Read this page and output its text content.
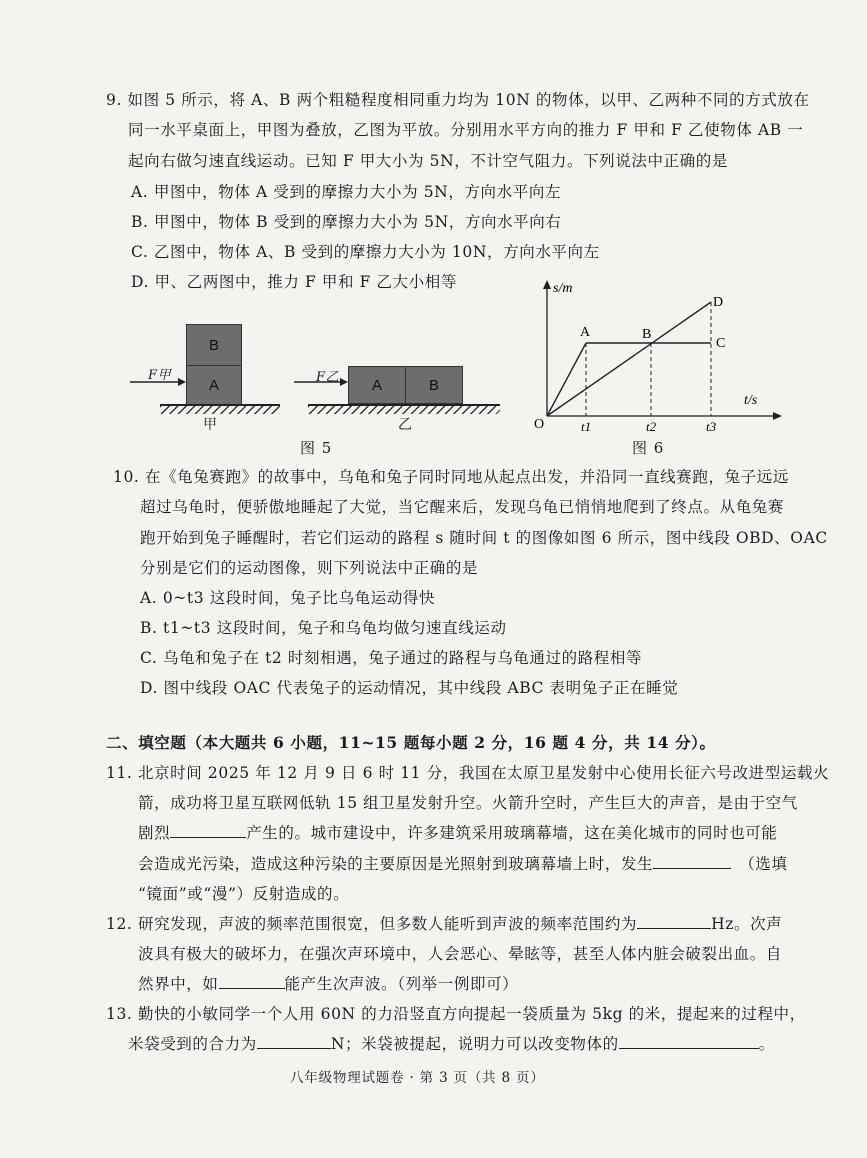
9. 如图 5 所示，将 A、B 两个粗糙程度相同重力均为 10N 的物体，以甲、乙两种不同的方式放在
同一水平桌面上，甲图为叠放，乙图为平放。分别用水平方向的推力 F 甲和 F 乙使物体 AB 一
起向右做匀速直线运动。已知 F 甲大小为 5N，不计空气阻力。下列说法中正确的是
A. 甲图中，物体 A 受到的摩擦力大小为 5N，方向水平向左
B. 甲图中，物体 B 受到的摩擦力大小为 5N，方向水平向右
C. 乙图中，物体 A、B 受到的摩擦力大小为 10N，方向水平向左
D. 甲、乙两图中，推力 F 甲和 F 乙大小相等
B
A
F甲
甲
A	B
F乙
乙
图 5
s/m
t/s
O
A	B
C
D
t1	t2	t3
图 6
10. 在《龟兔赛跑》的故事中，乌龟和兔子同时同地从起点出发，并沿同一直线赛跑，兔子远远
超过乌龟时，便骄傲地睡起了大觉，当它醒来后，发现乌龟已悄悄地爬到了终点。从龟兔赛
跑开始到兔子睡醒时，若它们运动的路程 s 随时间 t 的图像如图 6 所示，图中线段 OBD、OAC
分别是它们的运动图像，则下列说法中正确的是
A. 0~t3 这段时间，兔子比乌龟运动得快
B. t1~t3 这段时间，兔子和乌龟均做匀速直线运动
C. 乌龟和兔子在 t2 时刻相遇，兔子通过的路程与乌龟通过的路程相等
D. 图中线段 OAC 代表兔子的运动情况，其中线段 ABC 表明兔子正在睡觉
二、填空题（本大题共 6 小题，11~15 题每小题 2 分，16 题 4 分，共 14 分）。
11. 北京时间 2025 年 12 月 9 日 6 时 11 分，我国在太原卫星发射中心使用长征六号改进型运载火
箭，成功将卫星互联网低轨 15 组卫星发射升空。火箭升空时，产生巨大的声音，是由于空气
剧烈	产生的。城市建设中，许多建筑采用玻璃幕墙，这在美化城市的同时也可能
会造成光污染，造成这种污染的主要原因是光照射到玻璃幕墙上时，发生	（选填
“镜面”或“漫”）反射造成的。
12. 研究发现，声波的频率范围很宽，但多数人能听到声波的频率范围约为	Hz。次声
波具有极大的破坏力，在强次声环境中，人会恶心、晕眩等，甚至人体内脏会破裂出血。自
然界中，如	能产生次声波。（列举一例即可）
13. 勤快的小敏同学一个人用 60N 的力沿竖直方向提起一袋质量为 5kg 的米，提起来的过程中，
米袋受到的合力为	N；米袋被提起，说明力可以改变物体的	。
八年级物理试题卷 · 第 3 页（共 8 页）
